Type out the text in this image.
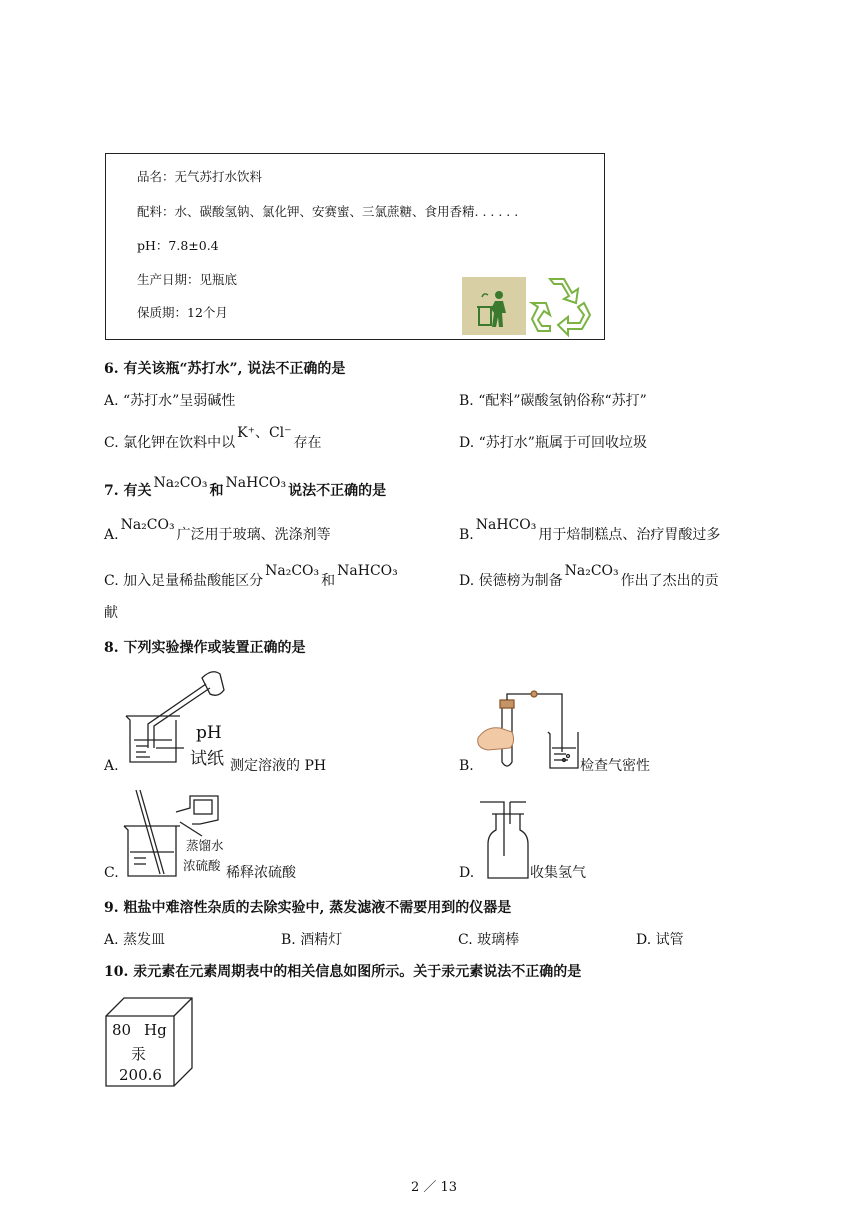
品名：无气苏打水饮料
配料：水、碳酸氢钠、氯化钾、安赛蜜、三氯蔗糖、食用香精. . . . . .
pH：7.8±0.4
生产日期：见瓶底
保质期：12个月
6. 有关该瓶“苏打水”, 说法不正确的是
A. “苏打水”呈弱碱性	B. “配料”碳酸氢钠俗称“苏打”
C. 氯化钾在饮料中以K⁺、Cl⁻存在	D. “苏打水”瓶属于可回收垃圾
7. 有关 Na₂CO₃ 和 NaHCO₃ 说法不正确的是
A.Na₂CO₃广泛用于玻璃、洗涤剂等	B.NaHCO₃用于焙制糕点、治疗胃酸过多
C. 加入足量稀盐酸能区分Na₂CO₃和NaHCO₃
D. 侯德榜为制备Na₂CO₃作出了杰出的贡
献
8. 下列实验操作或装置正确的是
A.
pH
试纸 测定溶液的 PH	B.	检查气密性
C.
蒸馏水
浓硫酸 稀释浓硫酸	D.	收集氢气
9. 粗盐中难溶性杂质的去除实验中, 蒸发滤液不需要用到的仪器是
A. 蒸发皿	B. 酒精灯	C. 玻璃棒	D. 试管
10. 汞元素在元素周期表中的相关信息如图所示。关于汞元素说法不正确的是
80 Hg
汞
200.6
2 ／ 13
